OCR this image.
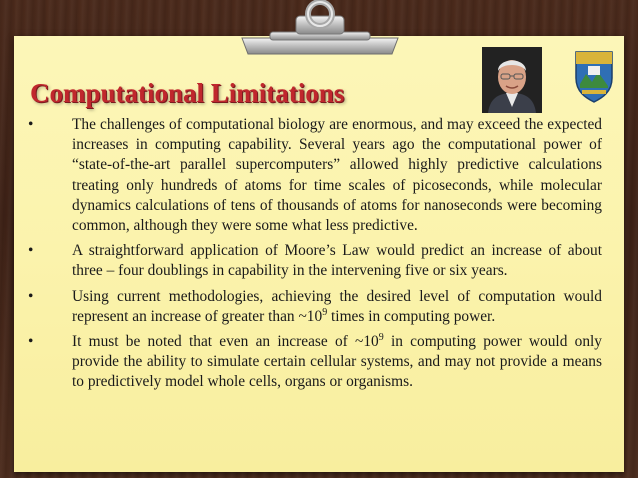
Computational Limitations
•	The challenges of computational biology are enormous, and may exceed the expected increases in computing capability. Several years ago the computational power of “state-of-the-art parallel supercomputers” allowed highly predictive calculations treating only hundreds of atoms for time scales of picoseconds, while molecular dynamics calculations of tens of thousands of atoms for nanoseconds were becoming common, although they were some what less predictive.
•	A straightforward application of Moore’s Law would predict an increase of about three – four doublings in capability in the intervening five or six years.
•	Using current methodologies, achieving the desired level of computation would represent an increase of greater than $\sim 10^9$ times in computing power.
•	It must be noted that even an increase of $\sim 10^9$ in computing power would only provide the ability to simulate certain cellular systems, and may not provide a means to predictively model whole cells, organs or organisms.
